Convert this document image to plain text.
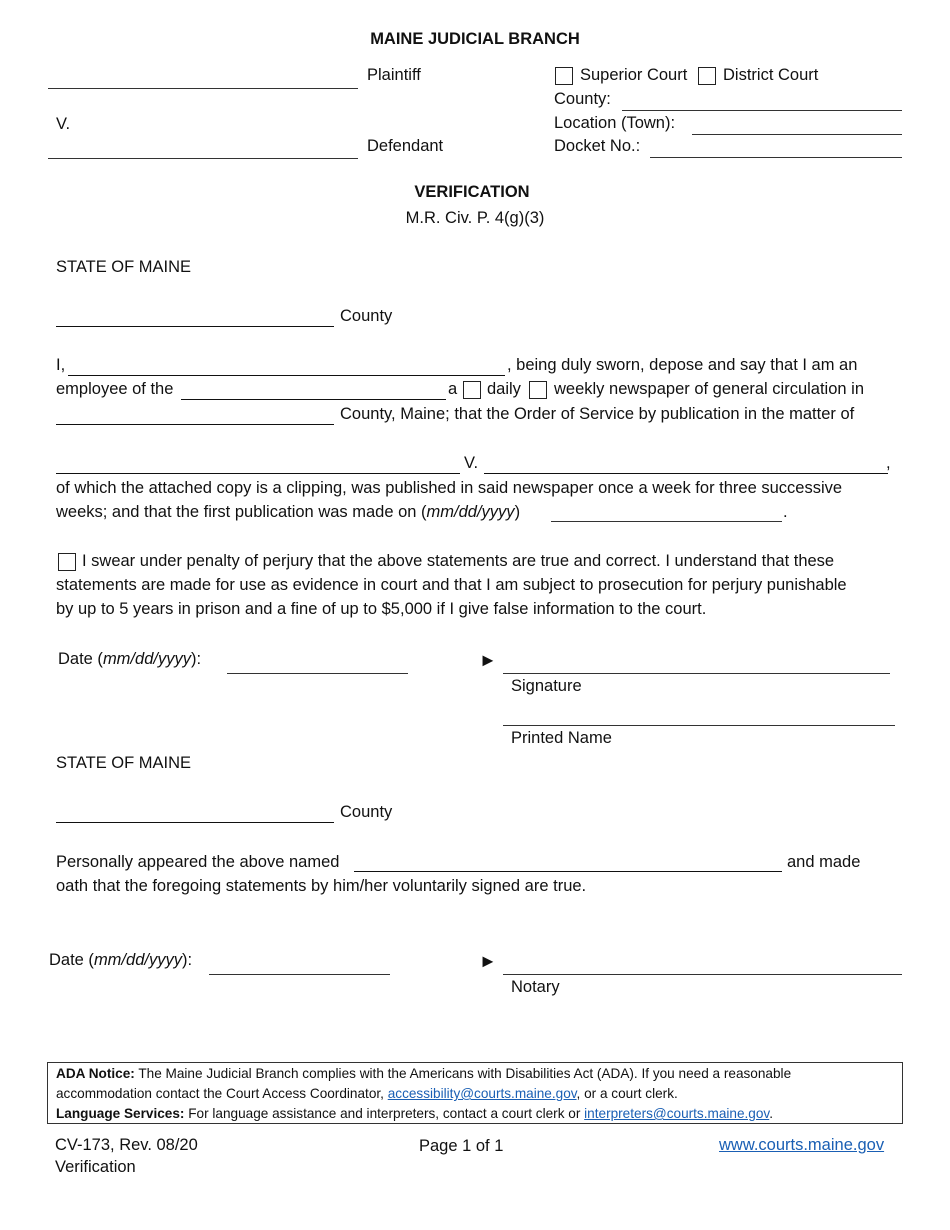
MAINE JUDICIAL BRANCH
Plaintiff
V.
Defendant
Superior Court District Court
County:
Location (Town):
Docket No.:
VERIFICATION
M.R. Civ. P. 4(g)(3)
STATE OF MAINE
County
I,	, being duly sworn, depose and say that I am an
employee of the	a daily weekly newspaper of general circulation in
County, Maine; that the Order of Service by publication in the matter of
V.	,
of which the attached copy is a clipping, was published in said newspaper once a week for three successive
weeks; and that the first publication was made on (mm/dd/yyyy)	.
I swear under penalty of perjury that the above statements are true and correct. I understand that these
statements are made for use as evidence in court and that I am subject to prosecution for perjury punishable
by up to 5 years in prison and a fine of up to $5,000 if I give false information to the court.
Date (mm/dd/yyyy):	►
Signature
Printed Name
STATE OF MAINE
County
Personally appeared the above named	and made
oath that the foregoing statements by him/her voluntarily signed are true.
Date (mm/dd/yyyy):	►
Notary
ADA Notice: The Maine Judicial Branch complies with the Americans with Disabilities Act (ADA). If you need a reasonable
accommodation contact the Court Access Coordinator, accessibility@courts.maine.gov, or a court clerk.
Language Services: For language assistance and interpreters, contact a court clerk or interpreters@courts.maine.gov.
CV-173, Rev. 08/20
Verification
Page 1 of 1	www.courts.maine.gov
